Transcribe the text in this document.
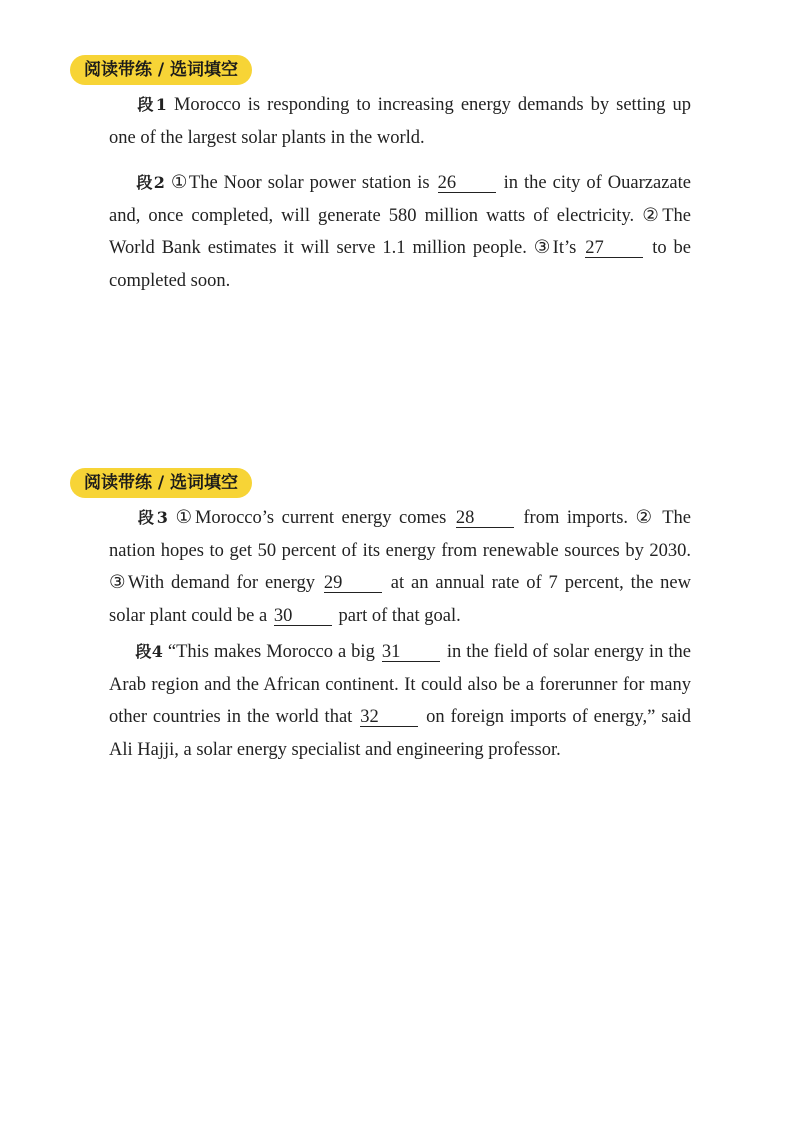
阅读带练 / 选词填空

段1 Morocco is responding to increasing energy demands by setting up one of the largest solar plants in the world.

段2 ①The Noor solar power station is 26 in the city of Ouarzazate and, once completed, will generate 580 million watts of electricity. ②The World Bank estimates it will serve 1.1 million people. ③It’s 27 to be completed soon.

阅读带练 / 选词填空

段3 ①Morocco’s current energy comes 28 from imports. ② The nation hopes to get 50 percent of its energy from renewable sources by 2030. ③With demand for energy 29 at an annual rate of 7 percent, the new solar plant could be a 30 part of that goal.

段4 “This makes Morocco a big 31 in the field of solar energy in the Arab region and the African continent. It could also be a forerunner for many other countries in the world that 32 on foreign imports of energy,” said Ali Hajji, a solar energy specialist and engineering professor.
